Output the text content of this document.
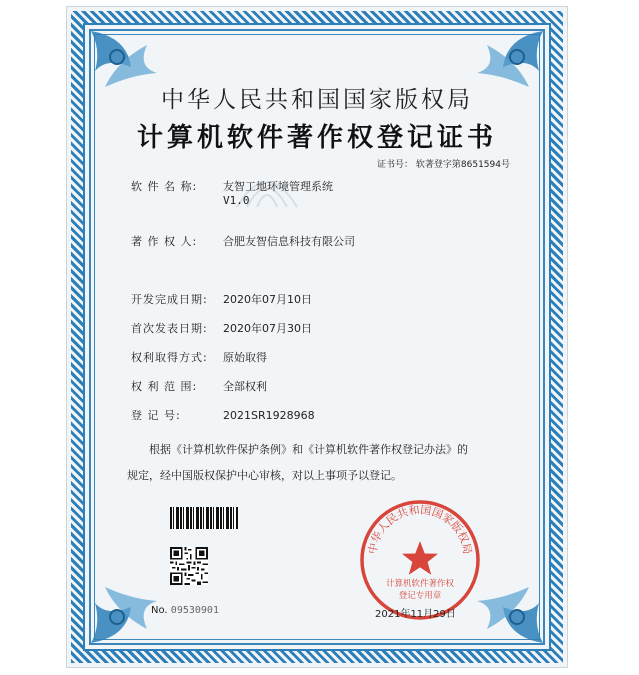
中华人民共和国国家版权局
计算机软件著作权登记证书
证书号： 软著登字第8651594号
软 件 名 称: 友智工地环境管理系统
V1.0
著 作 权 人: 合肥友智信息科技有限公司
开发完成日期: 2020年07月10日
首次发表日期: 2020年07月30日
权利取得方式: 原始取得
权 利 范 围: 全部权利
登 记 号:	2021SR1928968
根据《计算机软件保护条例》和《计算机软件著作权登记办法》的
规定，经中国版权保护中心审核，对以上事项予以登记。
No. 09530901
中华人民共和国国家版权局
计算机软件著作权
登记专用章
2021年11月29日
